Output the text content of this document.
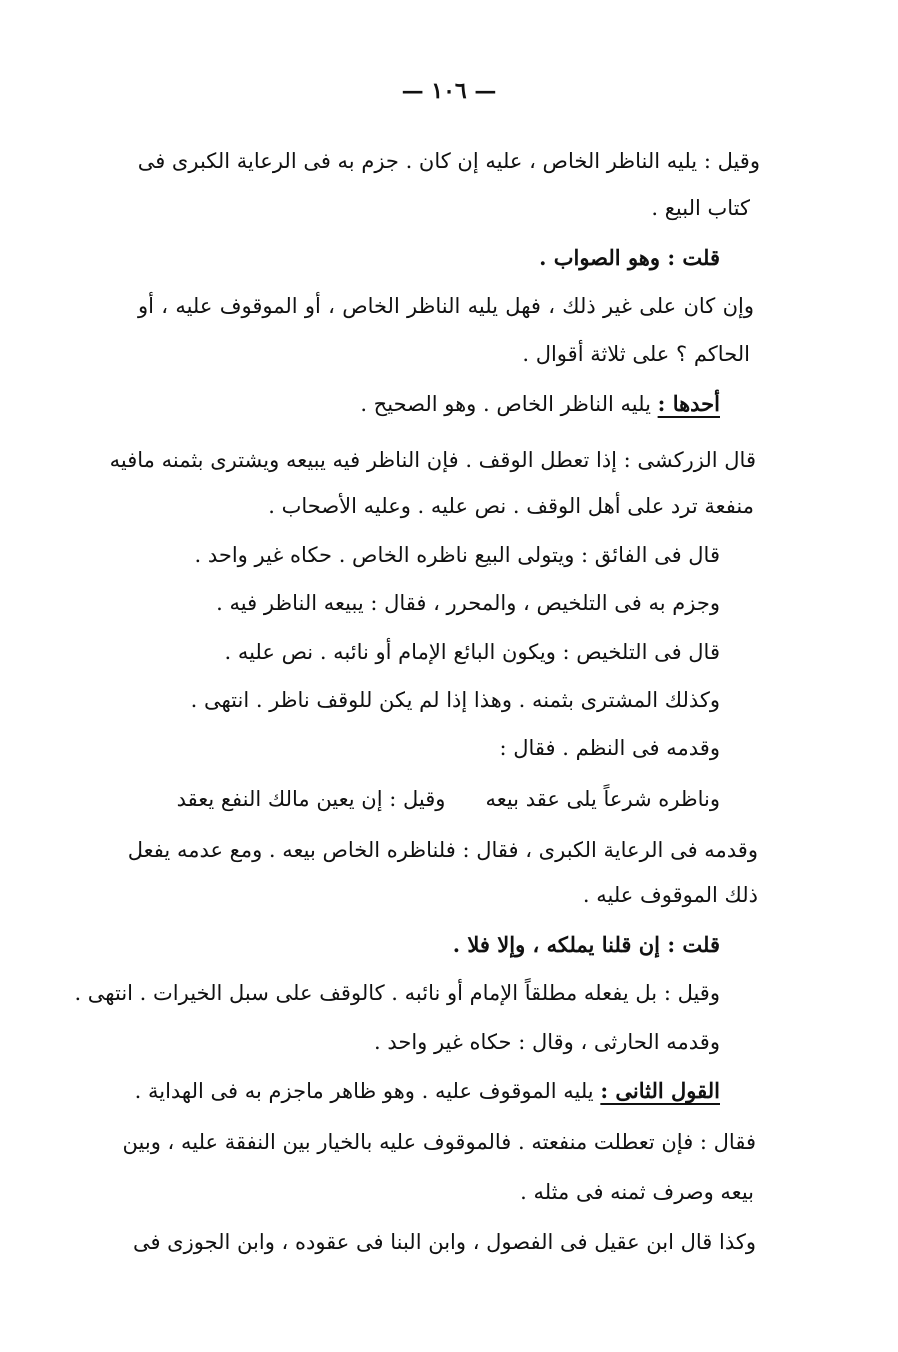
— ١٠٦ —
وقيل : يليه الناظر الخاص ، عليه إن كان . جزم به فى الرعاية الكبرى فى
كتاب البيع .
قلت : وهو الصواب .
وإن كان على غير ذلك ، فهل يليه الناظر الخاص ، أو الموقوف عليه ، أو
الحاكم ؟ على ثلاثة أقوال .
أحدها : يليه الناظر الخاص . وهو الصحيح .
قال الزركشى : إذا تعطل الوقف . فإن الناظر فيه يبيعه ويشترى بثمنه مافيه
منفعة ترد على أهل الوقف . نص عليه . وعليه الأصحاب .
قال فى الفائق : ويتولى البيع ناظره الخاص . حكاه غير واحد .
وجزم به فى التلخيص ، والمحرر ، فقال : يبيعه الناظر فيه .
قال فى التلخيص : ويكون البائع الإمام أو نائبه . نص عليه .
وكذلك المشترى بثمنه . وهذا إذا لم يكن للوقف ناظر . انتهى .
وقدمه فى النظم . فقال :
وناظره شرعاً يلى عقد بيعه      وقيل : إن يعين مالك النفع يعقد
وقدمه فى الرعاية الكبرى ، فقال : فلناظره الخاص بيعه . ومع عدمه يفعل
ذلك الموقوف عليه .
قلت : إن قلنا يملكه ، وإلا فلا .
وقيل : بل يفعله مطلقاً الإمام أو نائبه . كالوقف على سبل الخيرات . انتهى .
وقدمه الحارثى ، وقال : حكاه غير واحد .
القول الثانى : يليه الموقوف عليه . وهو ظاهر ماجزم به فى الهداية .
فقال : فإن تعطلت منفعته . فالموقوف عليه بالخيار بين النفقة عليه ، وبين
بيعه وصرف ثمنه فى مثله .
وكذا قال ابن عقيل فى الفصول ، وابن البنا فى عقوده ، وابن الجوزى فى
